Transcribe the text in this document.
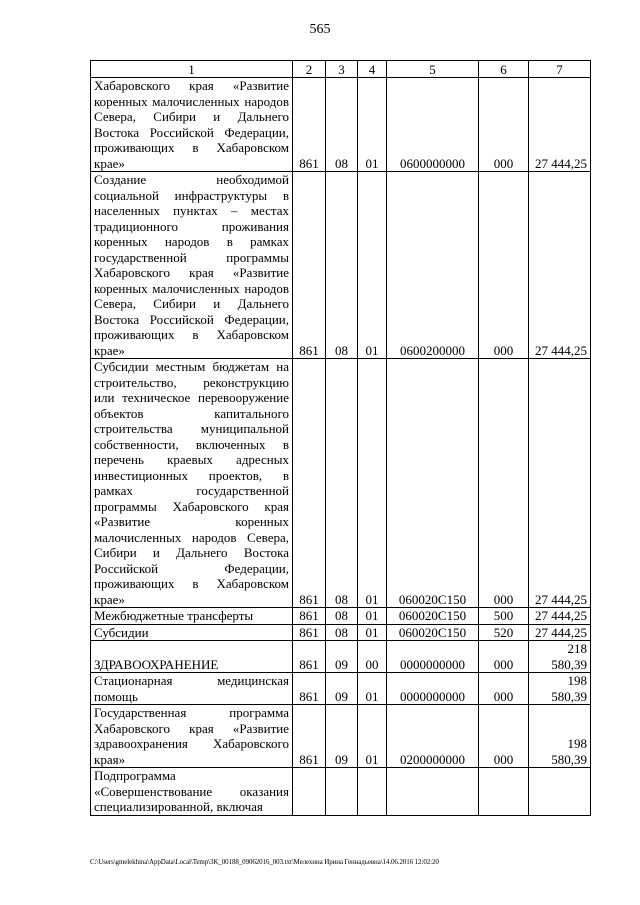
565
1	2	3	4	5	6	7
Хабаровского края «Развитие коренных малочисленных народов Севера, Сибири и Дальнего Востока Российской Федерации, проживающих в Хабаровском крае»	861	08	01	0600000000	000	27 444,25
Создание необходимой социальной инфраструктуры в населенных пунктах – местах традиционного проживания коренных народов в рамках государственной программы Хабаровского края «Развитие коренных малочисленных народов Севера, Сибири и Дальнего Востока Российской Федерации, проживающих в Хабаровском крае»	861	08	01	0600200000	000	27 444,25
Субсидии местным бюджетам на строительство, реконструкцию или техническое перевооружение объектов капитального строительства муниципальной собственности, включенных в перечень краевых адресных инвестиционных проектов, в рамках государственной программы Хабаровского края «Развитие коренных малочисленных народов Севера, Сибири и Дальнего Востока Российской Федерации, проживающих в Хабаровском крае»	861	08	01	060020С150	000	27 444,25
Межбюджетные трансферты	861	08	01	060020С150	500	27 444,25
Субсидии	861	08	01	060020С150	520	27 444,25
ЗДРАВООХРАНЕНИЕ	861	09	00	0000000000	000	218 580,39
Стационарная медицинская помощь	861	09	01	0000000000	000	198 580,39
Государственная программа Хабаровского края «Развитие здравоохранения Хабаровского края»	861	09	01	0200000000	000	198 580,39
Подпрограмма «Совершенствование оказания специализированной, включая						
C:\Users\gmelekhina\AppData\Local\Temp\3K_00188_09062016_003.txt\Мелехина Ирина Геннадьевна\14.06.2016 12:02:20
